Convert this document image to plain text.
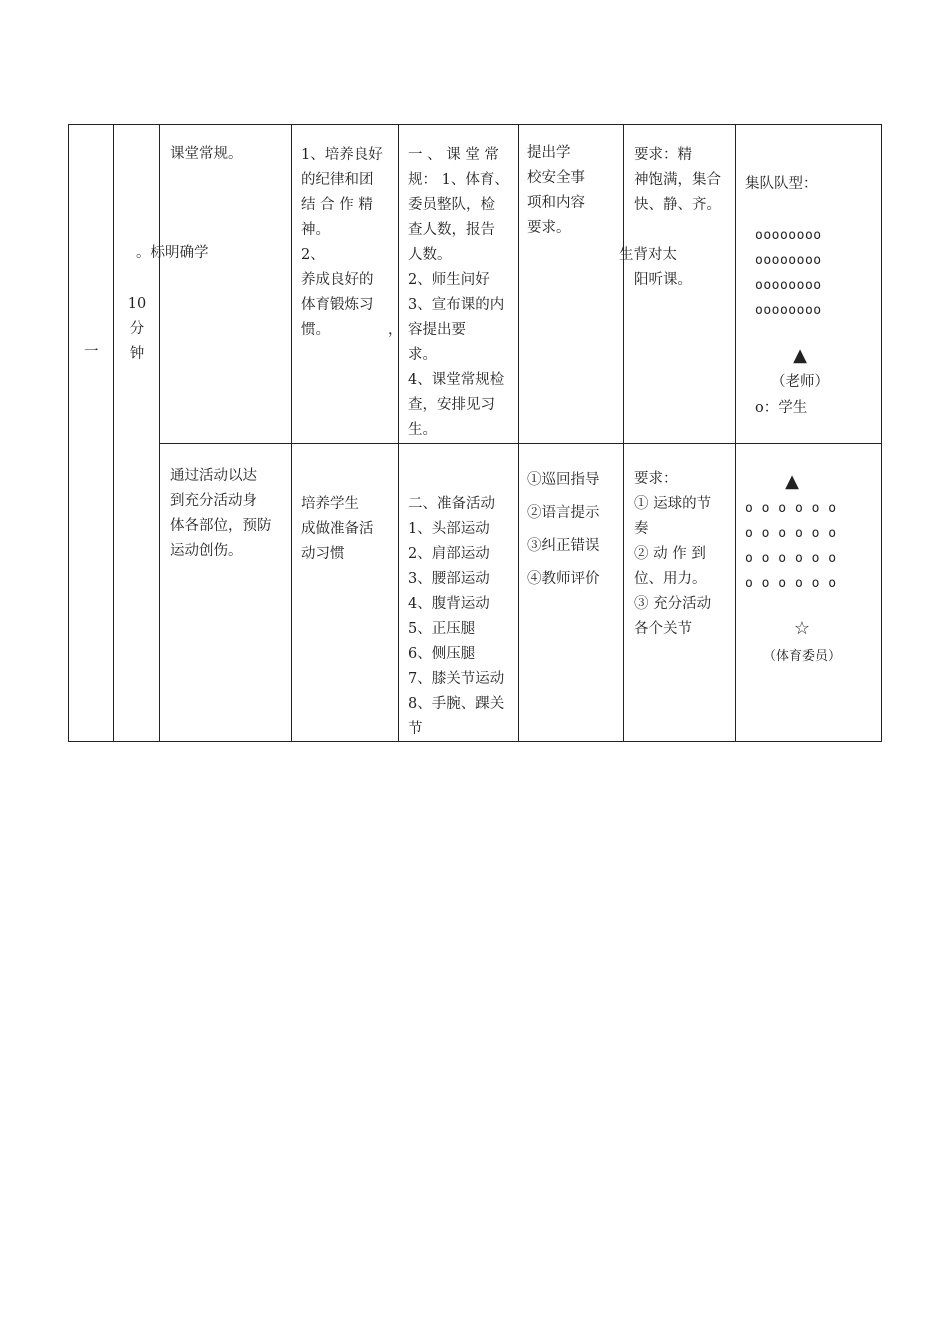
一
10
分
钟
课堂常规。
。标明确学
1、培养良好
的纪律和团
结 合 作 精
神。
2、
养成良好的
体育锻炼习
惯。	，
一 、 课 堂 常
规： 1、体育、
委员整队，检
查人数，报告
人数。
2、师生问好
3、宣布课的内
容提出要
求。
4、课堂常规检
查，安排见习
生。
提出学
校安全事
项和内容
要求。
要求：精
神饱满，集合
快、静、齐。
生背对太
阳听课。
集队队型：
oooooooo
oooooooo
oooooooo
oooooooo
▲
（老师）
o：学生
通过活动以达
到充分活动身
体各部位，预防
运动创伤。
培养学生
成做准备活
动习惯
二、准备活动
1、头部运动
2、肩部运动
3、腰部运动
4、腹背运动
5、正压腿
6、侧压腿
7、膝关节运动
8、手腕、踝关
节
①巡回指导
②语言提示
③纠正错误
④教师评价
要求：
① 运球的节
奏
② 动 作 到
位、用力。
③ 充分活动
各个关节
▲
o o o o o o
o o o o o o
o o o o o o
o o o o o o
☆
（体育委员）
